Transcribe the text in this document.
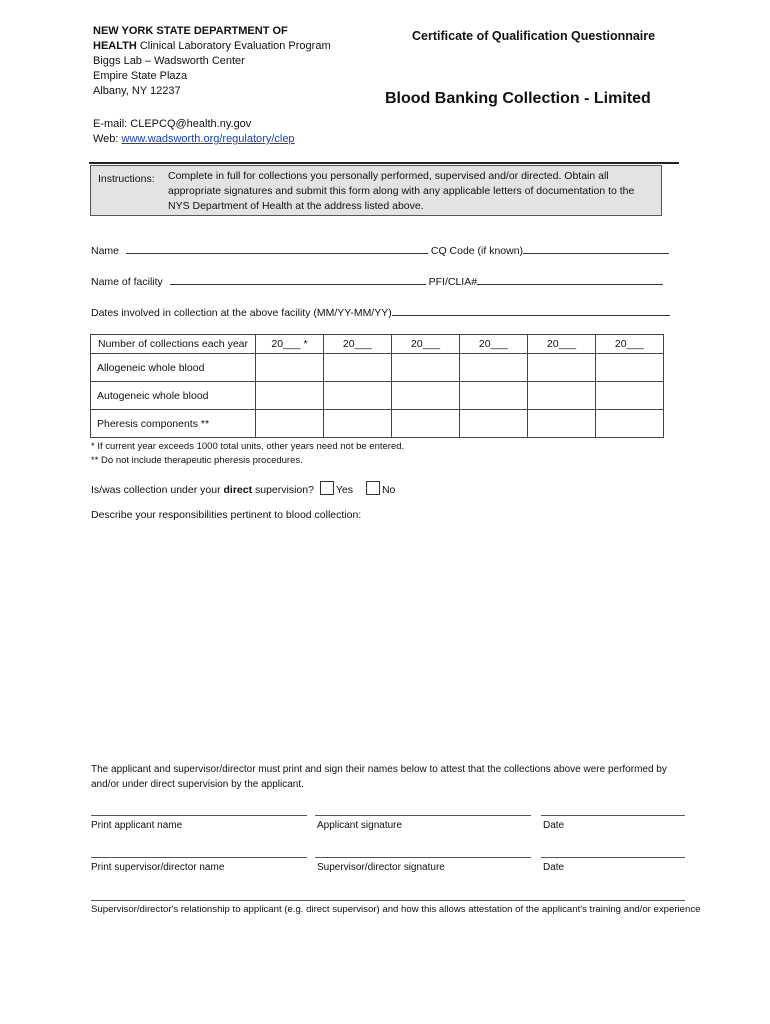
NEW YORK STATE DEPARTMENT OF
HEALTH Clinical Laboratory Evaluation Program
Biggs Lab – Wadsworth Center
Empire State Plaza
Albany, NY 12237
Certificate of Qualification Questionnaire
Blood Banking Collection - Limited
E-mail: CLEPCQ@health.ny.gov
Web: www.wadsworth.org/regulatory/clep
Instructions: Complete in full for collections you personally performed, supervised and/or directed. Obtain all appropriate signatures and submit this form along with any applicable letters of documentation to the NYS Department of Health at the address listed above.
Name	CQ Code (if known)
Name of facility	PFI/CLIA#
Dates involved in collection at the above facility (MM/YY-MM/YY)
Number of collections each year	20___ *	20___	20___	20___	20___	20___
Allogeneic whole blood						
Autogeneic whole blood						
Pheresis components **						
* If current year exceeds 1000 total units, other years need not be entered.
** Do not include therapeutic pheresis procedures.
Is/was collection under your direct supervision? Yes	No
Describe your responsibilities pertinent to blood collection:
The applicant and supervisor/director must print and sign their names below to attest that the collections above were performed by and/or under direct supervision by the applicant.
Print applicant name	Applicant signature	Date
Print supervisor/director name	Supervisor/director signature	Date
Supervisor/director's relationship to applicant (e.g. direct supervisor) and how this allows attestation of the applicant's training and/or experience
